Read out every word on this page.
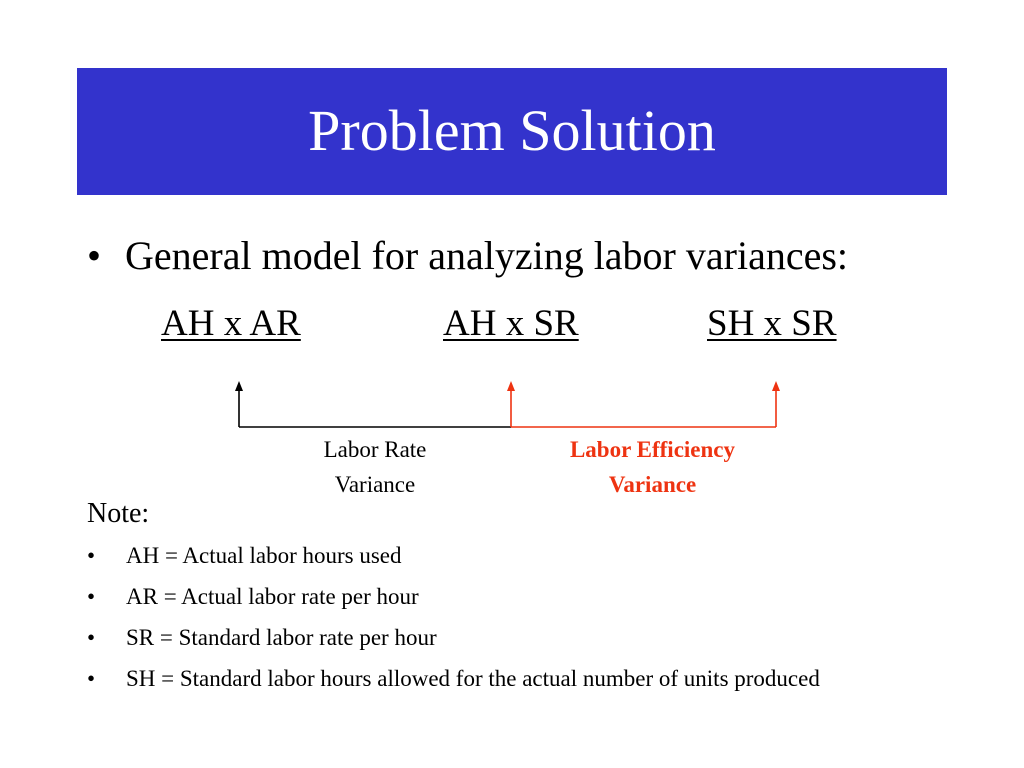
Problem Solution
• General model for analyzing labor variances:
AH x AR	AH x SR	SH x SR
Labor Rate
Variance
Labor Efficiency
Variance
Note:
•	AH = Actual labor hours used
•	AR = Actual labor rate per hour
•	SR = Standard labor rate per hour
•	SH = Standard labor hours allowed for the actual number of units produced
